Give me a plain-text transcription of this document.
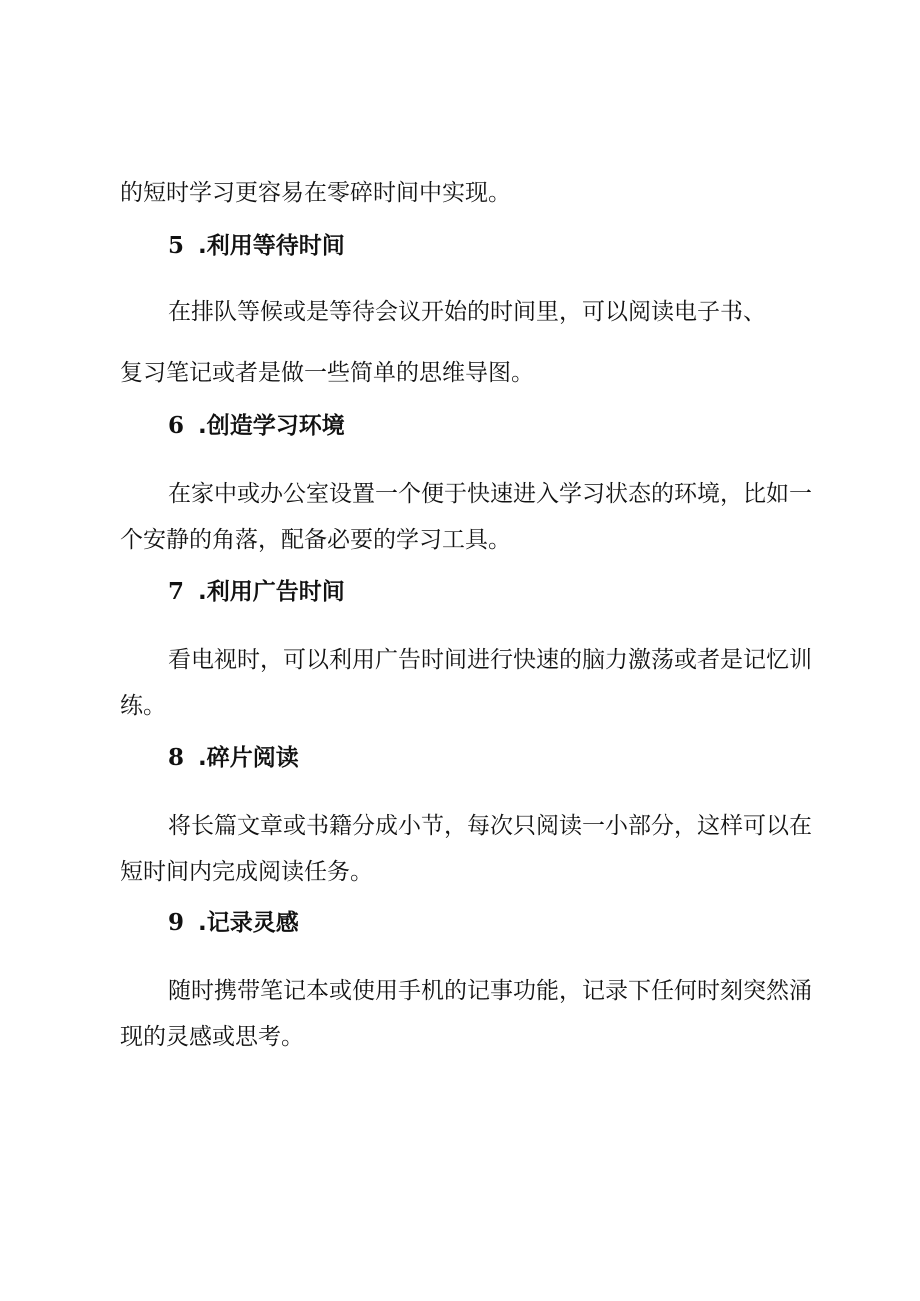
的短时学习更容易在零碎时间中实现。
5 .利用等待时间
在排队等候或是等待会议开始的时间里，可以阅读电子书、
复习笔记或者是做一些简单的思维导图。
6 .创造学习环境
在家中或办公室设置一个便于快速进入学习状态的环境，比如一
个安静的角落，配备必要的学习工具。
7 .利用广告时间
看电视时，可以利用广告时间进行快速的脑力激荡或者是记忆训
练。
8 .碎片阅读
将长篇文章或书籍分成小节，每次只阅读一小部分，这样可以在
短时间内完成阅读任务。
9 .记录灵感
随时携带笔记本或使用手机的记事功能，记录下任何时刻突然涌
现的灵感或思考。
